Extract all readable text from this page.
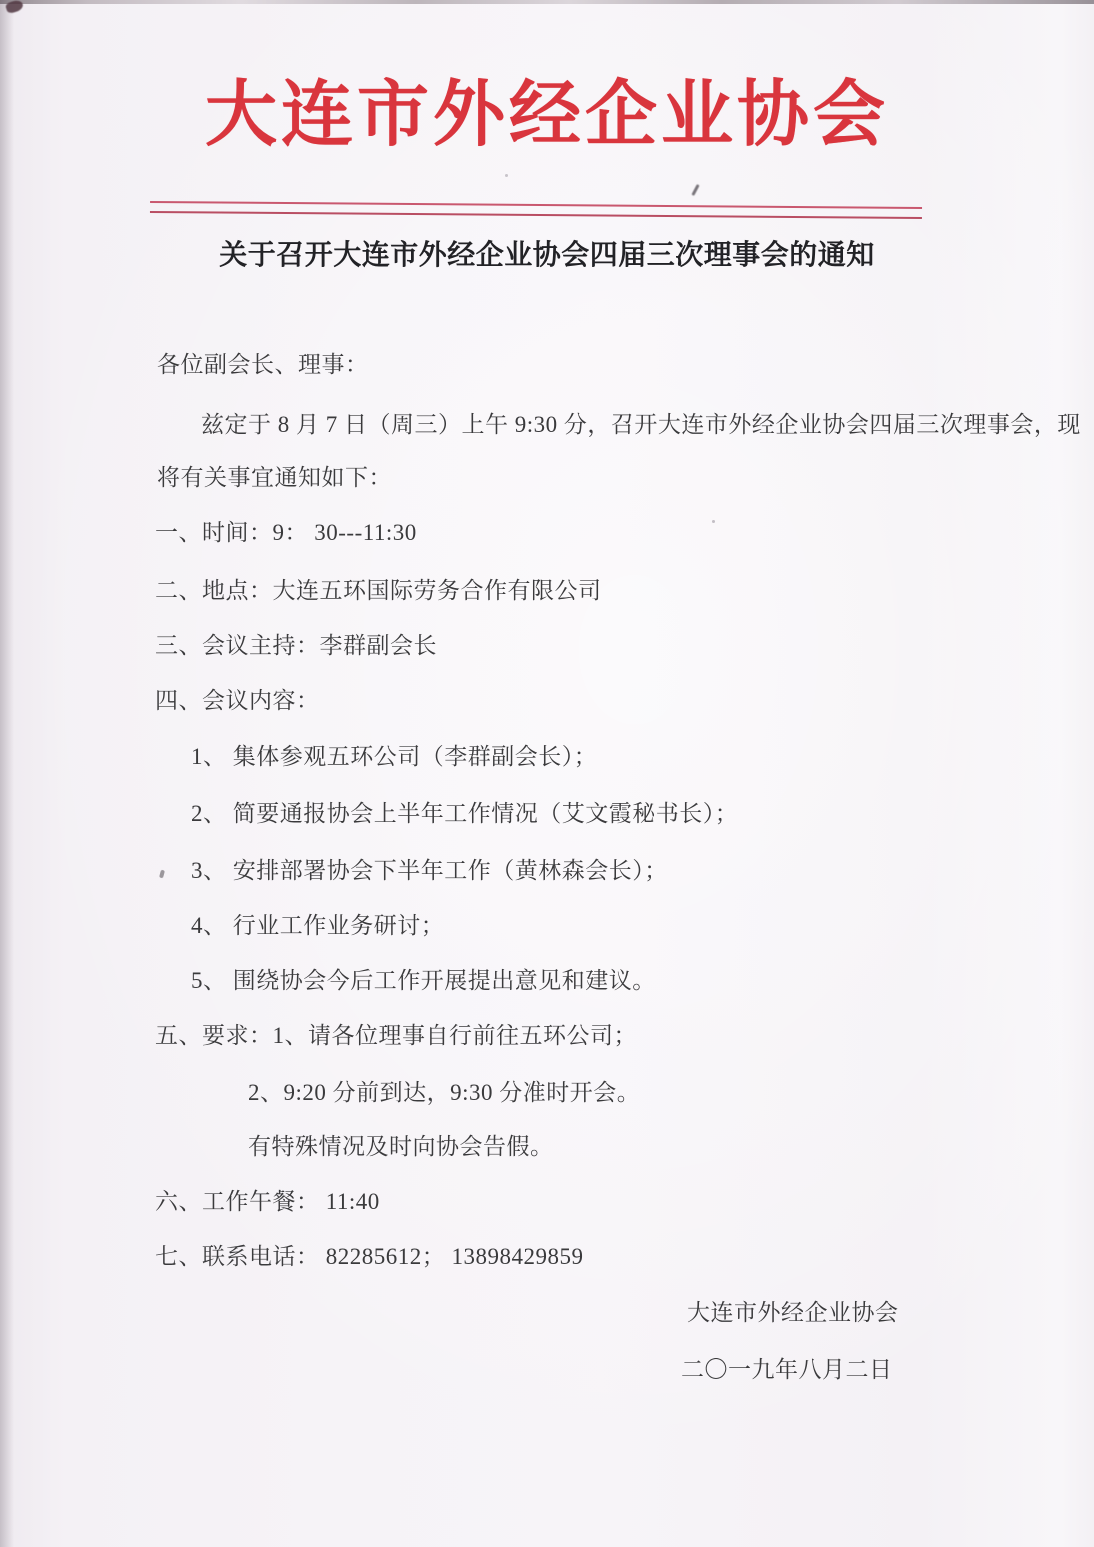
大连市外经企业协会
关于召开大连市外经企业协会四届三次理事会的通知
各位副会长、理事：
兹定于 8 月 7 日（周三）上午 9:30 分，召开大连市外经企业协会四届三次理事会，现
将有关事宜通知如下：
一、时间：9： 30---11:30
二、地点：大连五环国际劳务合作有限公司
三、会议主持：李群副会长
四、会议内容：
1、 集体参观五环公司（李群副会长）；
2、 简要通报协会上半年工作情况（艾文霞秘书长）；
3、 安排部署协会下半年工作（黄林森会长）；
4、 行业工作业务研讨；
5、 围绕协会今后工作开展提出意见和建议。
五、要求：1、请各位理事自行前往五环公司；
2、9:20 分前到达，9:30 分准时开会。
有特殊情况及时向协会告假。
六、工作午餐： 11:40
七、联系电话： 82285612； 13898429859
大连市外经企业协会
二〇一九年八月二日
